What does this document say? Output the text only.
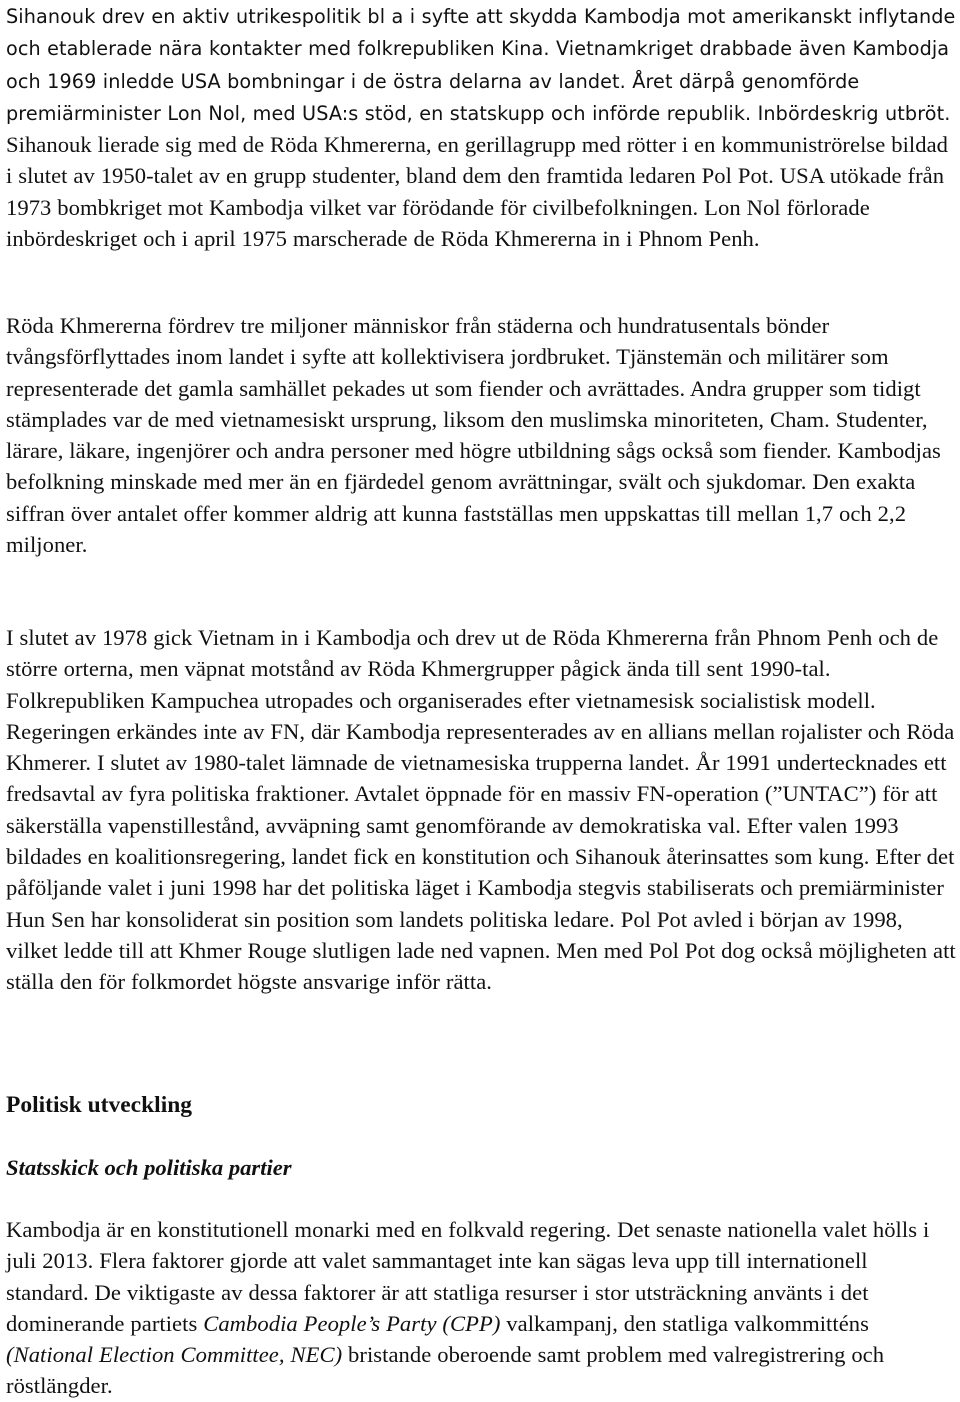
Sihanouk drev en aktiv utrikespolitik bl a i syfte att skydda Kambodja mot amerikanskt inflytande och etablerade nära kontakter med folkrepubliken Kina. Vietnamkriget drabbade även Kambodja och 1969 inledde USA bombningar i de östra delarna av landet. Året därpå genomförde premiärminister Lon Nol, med USA:s stöd, en statskupp och införde republik. Inbördeskrig utbröt. Sihanouk lierade sig med de Röda Khmererna, en gerillagrupp med rötter i en kommuniströrelse bildad i slutet av 1950-talet av en grupp studenter, bland dem den framtida ledaren Pol Pot. USA utökade från 1973 bombkriget mot Kambodja vilket var förödande för civilbefolkningen. Lon Nol förlorade inbördeskriget och i april 1975 marscherade de Röda Khmererna in i Phnom Penh.

Röda Khmererna fördrev tre miljoner människor från städerna och hundratusentals bönder tvångsförflyttades inom landet i syfte att kollektivisera jordbruket. Tjänstemän och militärer som representerade det gamla samhället pekades ut som fiender och avrättades. Andra grupper som tidigt stämplades var de med vietnamesiskt ursprung, liksom den muslimska minoriteten, Cham. Studenter, lärare, läkare, ingenjörer och andra personer med högre utbildning sågs också som fiender. Kambodjas befolkning minskade med mer än en fjärdedel genom avrättningar, svält och sjukdomar. Den exakta siffran över antalet offer kommer aldrig att kunna fastställas men uppskattas till mellan 1,7 och 2,2 miljoner.

I slutet av 1978 gick Vietnam in i Kambodja och drev ut de Röda Khmererna från Phnom Penh och de större orterna, men väpnat motstånd av Röda Khmergrupper pågick ända till sent 1990-tal. Folkrepubliken Kampuchea utropades och organiserades efter vietnamesisk socialistisk modell. Regeringen erkändes inte av FN, där Kambodja representerades av en allians mellan rojalister och Röda Khmerer. I slutet av 1980-talet lämnade de vietnamesiska trupperna landet. År 1991 undertecknades ett fredsavtal av fyra politiska fraktioner. Avtalet öppnade för en massiv FN-operation (”UNTAC”) för att säkerställa vapenstillestånd, avväpning samt genomförande av demokratiska val. Efter valen 1993 bildades en koalitionsregering, landet fick en konstitution och Sihanouk återinsattes som kung. Efter det påföljande valet i juni 1998 har det politiska läget i Kambodja stegvis stabiliserats och premiärminister Hun Sen har konsoliderat sin position som landets politiska ledare. Pol Pot avled i början av 1998, vilket ledde till att Khmer Rouge slutligen lade ned vapnen. Men med Pol Pot dog också möjligheten att ställa den för folkmordet högste ansvarige inför rätta.

Politisk utveckling
Statsskick och politiska partier

Kambodja är en konstitutionell monarki med en folkvald regering. Det senaste nationella valet hölls i juli 2013. Flera faktorer gjorde att valet sammantaget inte kan sägas leva upp till internationell standard. De viktigaste av dessa faktorer är att statliga resurser i stor utsträckning använts i det dominerande partiets Cambodia People’s Party (CPP) valkampanj, den statliga valkommitténs (National Election Committee, NEC) bristande oberoende samt problem med valregistrering och röstlängder.
